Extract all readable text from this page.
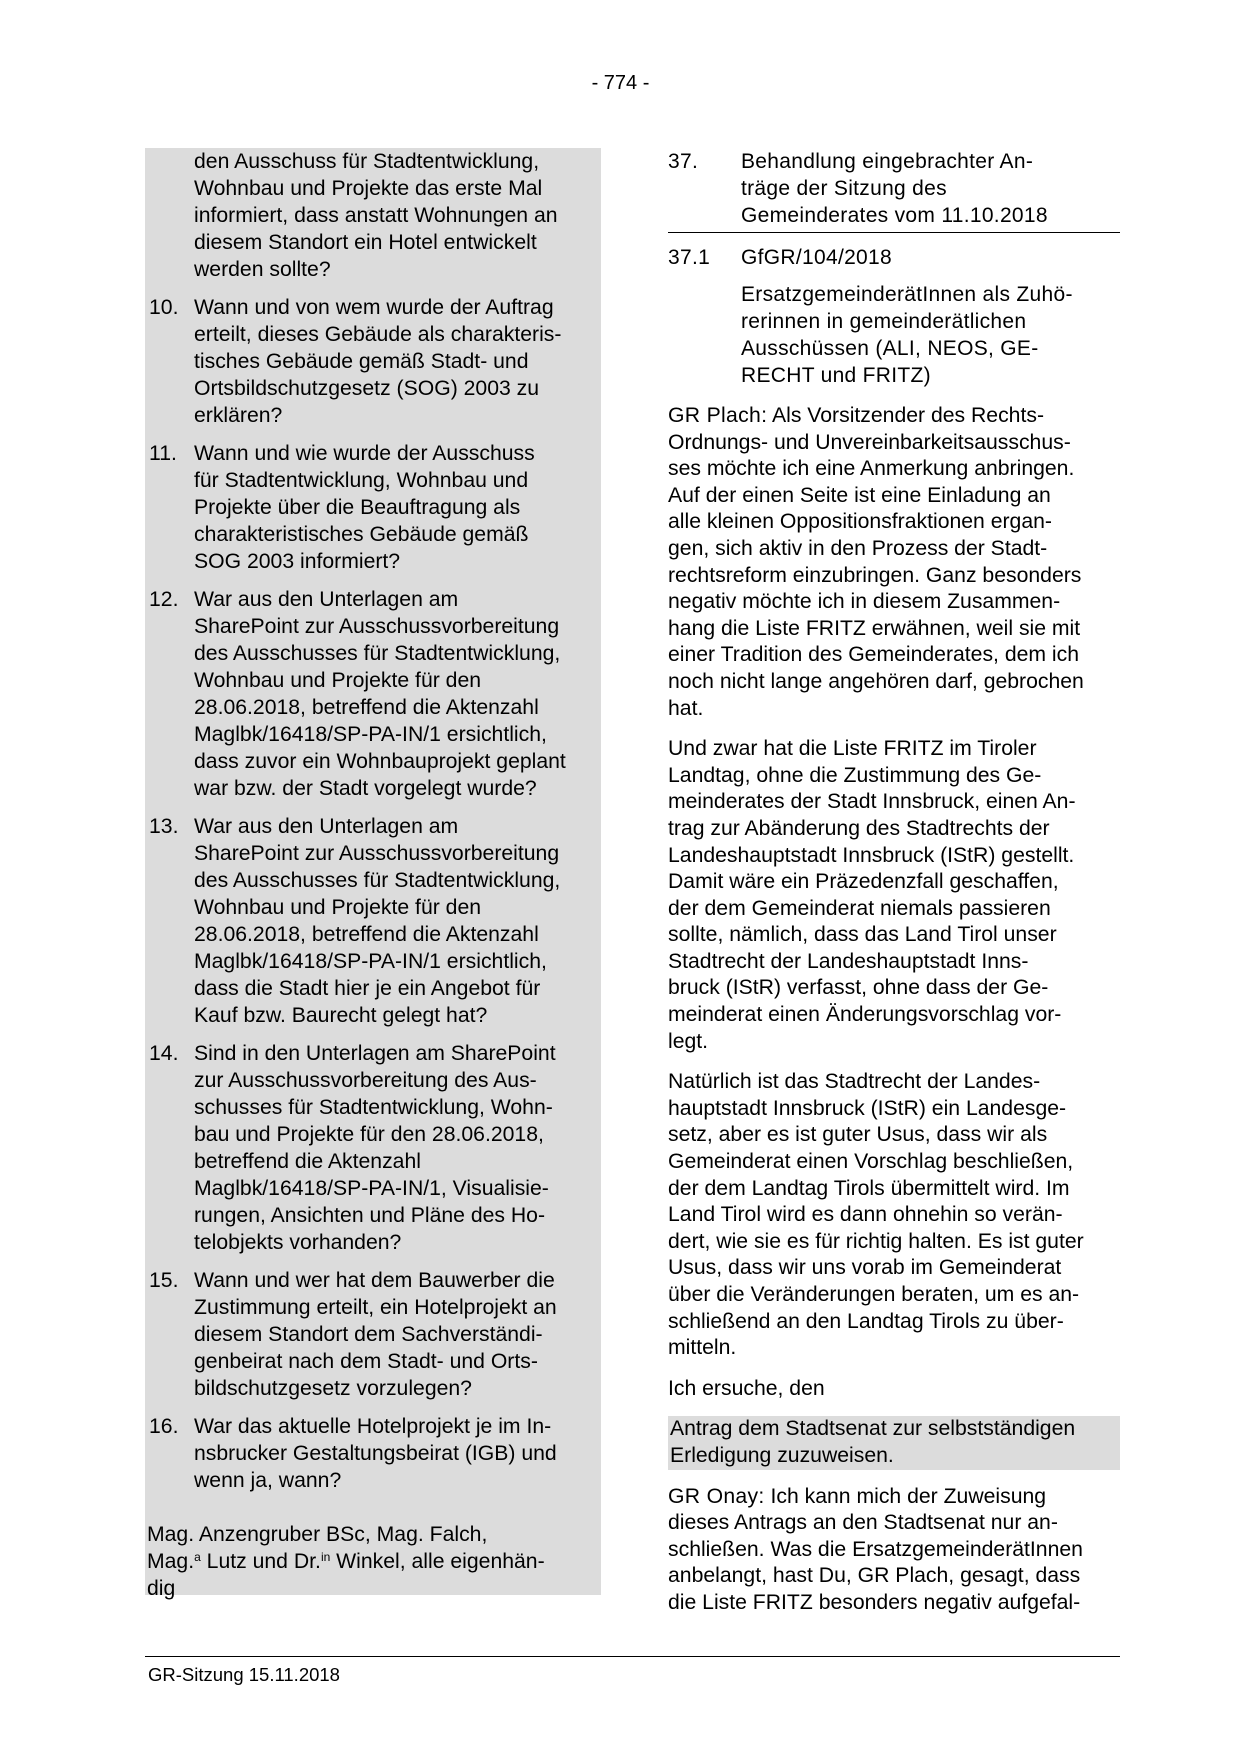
- 774 -

den Ausschuss für Stadtentwicklung,
Wohnbau und Projekte das erste Mal
informiert, dass anstatt Wohnungen an
diesem Standort ein Hotel entwickelt
werden sollte?

10. Wann und von wem wurde der Auftrag
erteilt, dieses Gebäude als charakteris-
tisches Gebäude gemäß Stadt- und
Ortsbildschutzgesetz (SOG) 2003 zu
erklären?
11. Wann und wie wurde der Ausschuss
für Stadtentwicklung, Wohnbau und
Projekte über die Beauftragung als
charakteristisches Gebäude gemäß
SOG 2003 informiert?
12. War aus den Unterlagen am
SharePoint zur Ausschussvorbereitung
des Ausschusses für Stadtentwicklung,
Wohnbau und Projekte für den
28.06.2018, betreffend die Aktenzahl
Maglbk/16418/SP-PA-IN/1 ersichtlich,
dass zuvor ein Wohnbauprojekt geplant
war bzw. der Stadt vorgelegt wurde?
13. War aus den Unterlagen am
SharePoint zur Ausschussvorbereitung
des Ausschusses für Stadtentwicklung,
Wohnbau und Projekte für den
28.06.2018, betreffend die Aktenzahl
Maglbk/16418/SP-PA-IN/1 ersichtlich,
dass die Stadt hier je ein Angebot für
Kauf bzw. Baurecht gelegt hat?
14. Sind in den Unterlagen am SharePoint
zur Ausschussvorbereitung des Aus-
schusses für Stadtentwicklung, Wohn-
bau und Projekte für den 28.06.2018,
betreffend die Aktenzahl
Maglbk/16418/SP-PA-IN/1, Visualisie-
rungen, Ansichten und Pläne des Ho-
telobjekts vorhanden?
15. Wann und wer hat dem Bauwerber die
Zustimmung erteilt, ein Hotelprojekt an
diesem Standort dem Sachverständi-
genbeirat nach dem Stadt- und Orts-
bildschutzgesetz vorzulegen?
16. War das aktuelle Hotelprojekt je im In-
nsbrucker Gestaltungsbeirat (IGB) und
wenn ja, wann?

Mag. Anzengruber BSc, Mag. Falch,
Mag.$^a$ Lutz und Dr.$^{in}$ Winkel, alle eigenhän-
dig

37. Behandlung eingebrachter An-
träge der Sitzung des
Gemeinderates vom 11.10.2018

37.1 GfGR/104/2018

ErsatzgemeinderätInnen als Zuhö-
rerinnen in gemeinderätlichen
Ausschüssen (ALI, NEOS, GE-
RECHT und FRITZ)

GR Plach: Als Vorsitzender des Rechts-
Ordnungs- und Unvereinbarkeitsausschus-
ses möchte ich eine Anmerkung anbringen.
Auf der einen Seite ist eine Einladung an
alle kleinen Oppositionsfraktionen ergan-
gen, sich aktiv in den Prozess der Stadt-
rechtsreform einzubringen. Ganz besonders
negativ möchte ich in diesem Zusammen-
hang die Liste FRITZ erwähnen, weil sie mit
einer Tradition des Gemeinderates, dem ich
noch nicht lange angehören darf, gebrochen
hat.

Und zwar hat die Liste FRITZ im Tiroler
Landtag, ohne die Zustimmung des Ge-
meinderates der Stadt Innsbruck, einen An-
trag zur Abänderung des Stadtrechts der
Landeshauptstadt Innsbruck (IStR) gestellt.
Damit wäre ein Präzedenzfall geschaffen,
der dem Gemeinderat niemals passieren
sollte, nämlich, dass das Land Tirol unser
Stadtrecht der Landeshauptstadt Inns-
bruck (IStR) verfasst, ohne dass der Ge-
meinderat einen Änderungsvorschlag vor-
legt.

Natürlich ist das Stadtrecht der Landes-
hauptstadt Innsbruck (IStR) ein Landesge-
setz, aber es ist guter Usus, dass wir als
Gemeinderat einen Vorschlag beschließen,
der dem Landtag Tirols übermittelt wird. Im
Land Tirol wird es dann ohnehin so verän-
dert, wie sie es für richtig halten. Es ist guter
Usus, dass wir uns vorab im Gemeinderat
über die Veränderungen beraten, um es an-
schließend an den Landtag Tirols zu über-
mitteln.

Ich ersuche, den

Antrag dem Stadtsenat zur selbstständigen
Erledigung zuzuweisen.

GR Onay: Ich kann mich der Zuweisung
dieses Antrags an den Stadtsenat nur an-
schließen. Was die ErsatzgemeinderätInnen
anbelangt, hast Du, GR Plach, gesagt, dass
die Liste FRITZ besonders negativ aufgefal-

GR-Sitzung 15.11.2018
